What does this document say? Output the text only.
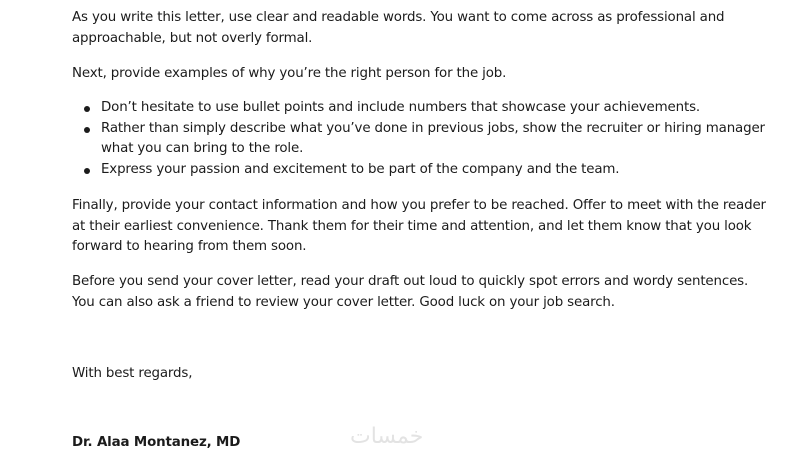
As you write this letter, use clear and readable words. You want to come across as professional and approachable, but not overly formal.

Next, provide examples of why you’re the right person for the job.

Don’t hesitate to use bullet points and include numbers that showcase your achievements.
Rather than simply describe what you’ve done in previous jobs, show the recruiter or hiring manager what you can bring to the role.
Express your passion and excitement to be part of the company and the team.

Finally, provide your contact information and how you prefer to be reached. Offer to meet with the reader at their earliest convenience. Thank them for their time and attention, and let them know that you look forward to hearing from them soon.

Before you send your cover letter, read your draft out loud to quickly spot errors and wordy sentences. You can also ask a friend to review your cover letter. Good luck on your job search.

With best regards,

Dr. Alaa Montanez, MD	خمسات
